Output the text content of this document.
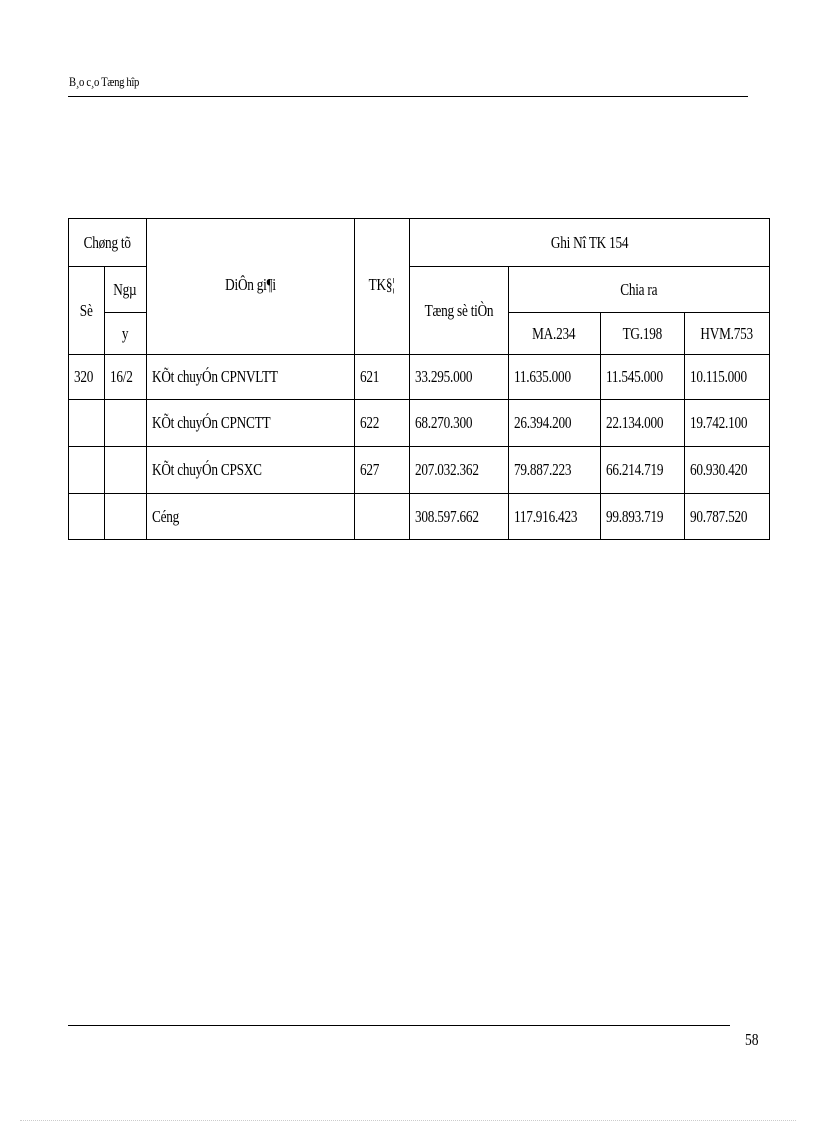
B¸o c¸o Tæng hîp
Chøng tõ		DiÔn gi¶i	TK§¦	Ghi Nî TK 154			
Sè	Ngµ			Tæng sè tiÒn	Chia ra		
	y				MA.234	TG.198	HVM.753
320	16/2	KÕt chuyÓn CPNVLTT	621	33.295.000	11.635.000	11.545.000	10.115.000
		KÕt chuyÓn CPNCTT	622	68.270.300	26.394.200	22.134.000	19.742.100
		KÕt chuyÓn CPSXC	627	207.032.362	79.887.223	66.214.719	60.930.420
		Céng		308.597.662	117.916.423	99.893.719	90.787.520
58
